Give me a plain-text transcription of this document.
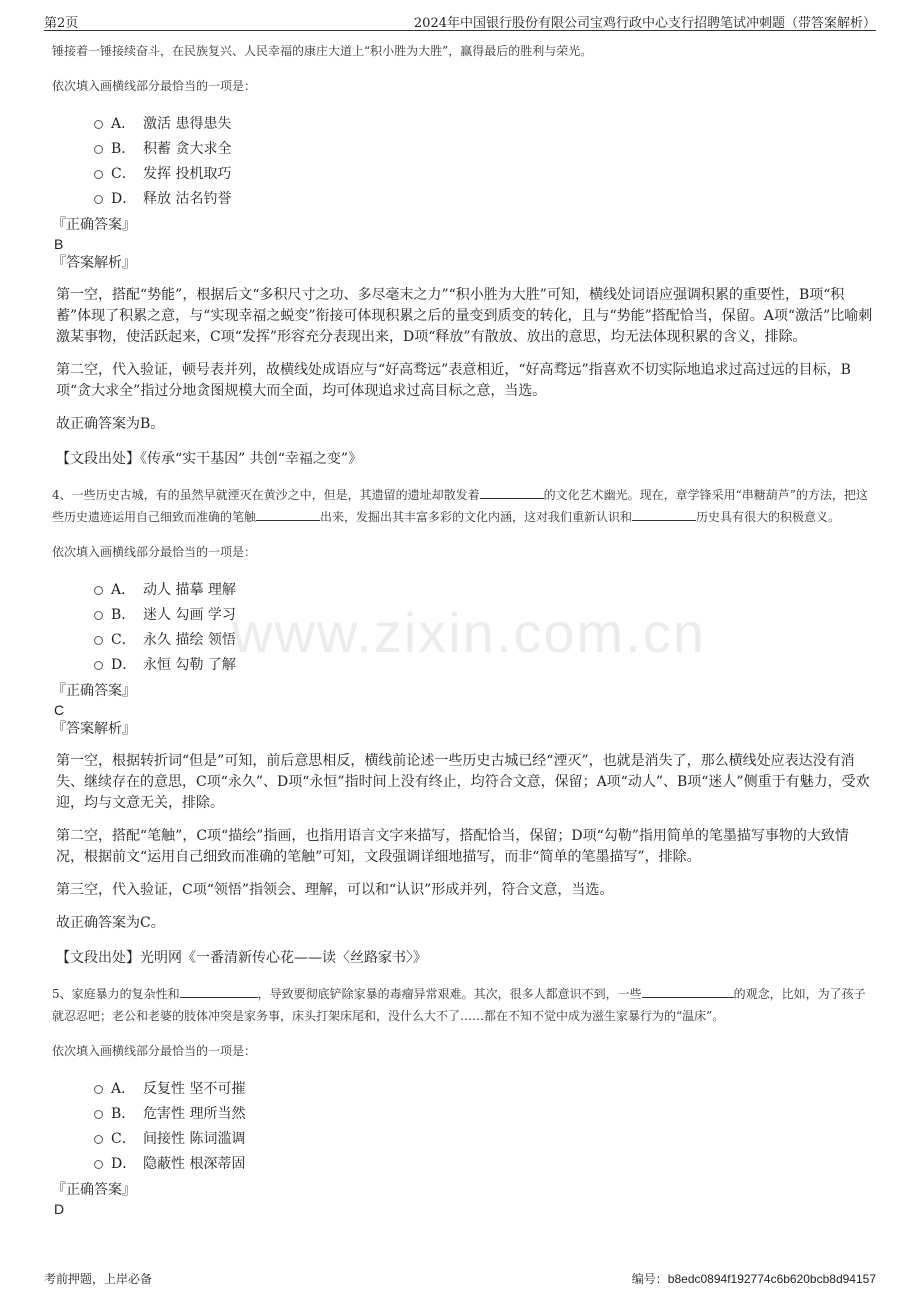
第2页	2024年中国银行股份有限公司宝鸡行政中心支行招聘笔试冲刺题（带答案解析）
www.zixin.com.cn

锤接着一锤接续奋斗，在民族复兴、人民幸福的康庄大道上“积小胜为大胜”，赢得最后的胜利与荣光。

依次填入画横线部分最恰当的一项是：

A． 激活 患得患失
B． 积蓄 贪大求全
C． 发挥 投机取巧
D． 释放 沽名钓誉
『正确答案』
B
『答案解析』

第一空，搭配“势能”，根据后文“多积尺寸之功、多尽毫末之力”“积小胜为大胜”可知，横线处词语应强调积累的重要性，B项“积蓄”体现了积累之意，与“实现幸福之蜕变”衔接可体现积累之后的量变到质变的转化，且与“势能”搭配恰当，保留。A项“激活”比喻刺激某事物，使活跃起来，C项“发挥”形容充分表现出来，D项“释放”有散放、放出的意思，均无法体现积累的含义，排除。

第二空，代入验证，顿号表并列，故横线处成语应与“好高骛远”表意相近，“好高骛远”指喜欢不切实际地追求过高过远的目标，B项“贪大求全”指过分地贪图规模大而全面，均可体现追求过高目标之意，当选。

故正确答案为B。

【文段出处】《传承“实干基因” 共创“幸福之变”》

4、一些历史古城，有的虽然早就湮灭在黄沙之中，但是，其遗留的遗址却散发着	的文化艺术幽光。现在，章学锋采用“串糖葫芦”的方法，把这些历史遗迹运用自己细致而准确的笔触	出来，发掘出其丰富多彩的文化内涵，这对我们重新认识和	历史具有很大的积极意义。

依次填入画横线部分最恰当的一项是：

A． 动人 描摹 理解
B． 迷人 勾画 学习
C． 永久 描绘 领悟
D． 永恒 勾勒 了解
『正确答案』
C
『答案解析』

第一空，根据转折词“但是”可知，前后意思相反，横线前论述一些历史古城已经“湮灭”，也就是消失了，那么横线处应表达没有消失、继续存在的意思，C项“永久”、D项“永恒”指时间上没有终止，均符合文意，保留；A项“动人”、B项“迷人”侧重于有魅力，受欢迎，均与文意无关，排除。

第二空，搭配“笔触”，C项“描绘”指画，也指用语言文字来描写，搭配恰当，保留；D项“勾勒”指用简单的笔墨描写事物的大致情况，根据前文“运用自己细致而准确的笔触”可知，文段强调详细地描写，而非“简单的笔墨描写”，排除。

第三空，代入验证，C项“领悟”指领会、理解，可以和“认识”形成并列，符合文意，当选。

故正确答案为C。

【文段出处】光明网《一番清新传心花——读〈丝路家书〉》

5、家庭暴力的复杂性和	，导致要彻底铲除家暴的毒瘤异常艰难。其次，很多人都意识不到，一些	的观念，比如，为了孩子就忍忍吧；老公和老婆的肢体冲突是家务事，床头打架床尾和，没什么大不了……都在不知不觉中成为滋生家暴行为的“温床”。

依次填入画横线部分最恰当的一项是：

A． 反复性 坚不可摧
B． 危害性 理所当然
C． 间接性 陈词滥调
D． 隐蔽性 根深蒂固
『正确答案』
D
考前押题，上岸必备	编号：b8edc0894f192774c6b620bcb8d94157
